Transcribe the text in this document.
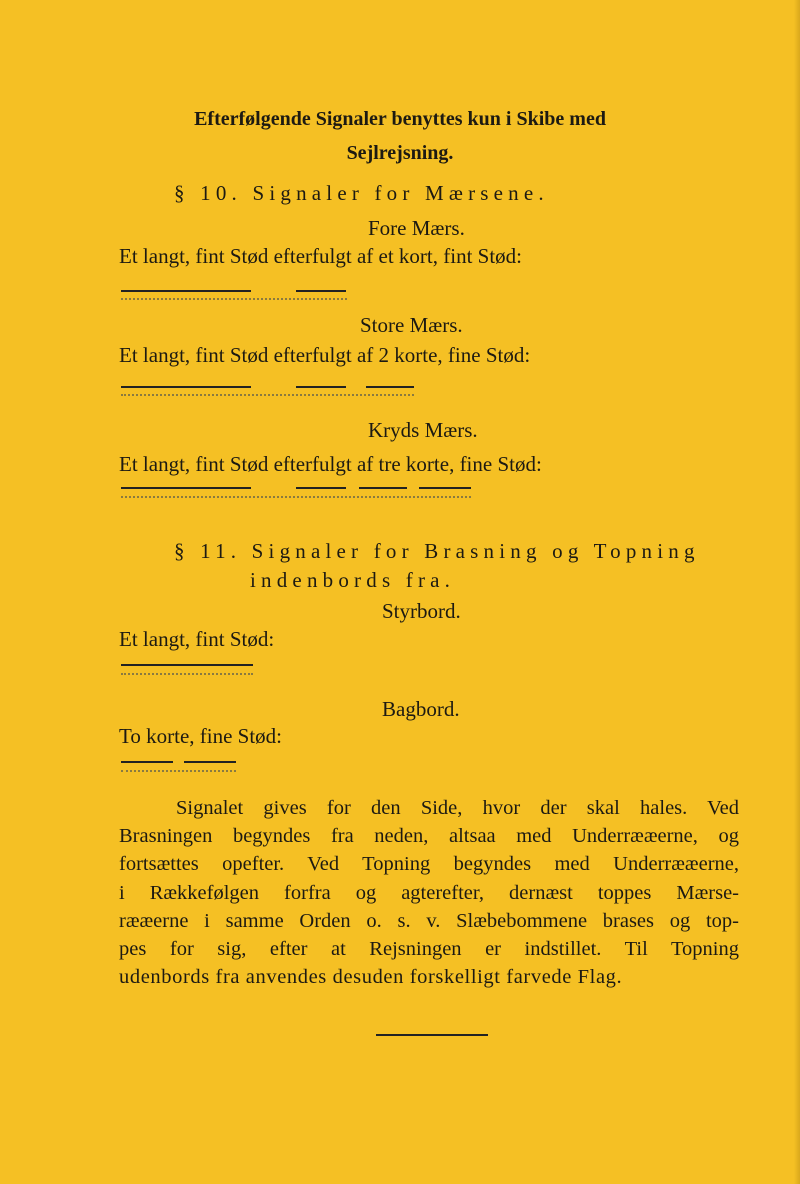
Efterfølgende Signaler benyttes kun i Skibe med
Sejlrejsning.
§ 10. Signaler for Mærsene.
Fore Mærs.
Et langt, fint Stød efterfulgt af et kort, fint Stød:
Store Mærs.
Et langt, fint Stød efterfulgt af 2 korte, fine Stød:
Kryds Mærs.
Et langt, fint Stød efterfulgt af tre korte, fine Stød:
§ 11. Signaler for Brasning og Topning
indenbords fra.
Styrbord.
Et langt, fint Stød:
Bagbord.
To korte, fine Stød:
Signalet gives for den Side, hvor der skal hales. Ved
Brasningen begyndes fra neden, altsaa med Underrææerne, og
fortsættes opefter. Ved Topning begyndes med Underrææerne,
i Rækkefølgen forfra og agterefter, dernæst toppes Mærse-
rææerne i samme Orden o. s. v. Slæbebommene brases og top-
pes for sig, efter at Rejsningen er indstillet. Til Topning
udenbords fra anvendes desuden forskelligt farvede Flag.
